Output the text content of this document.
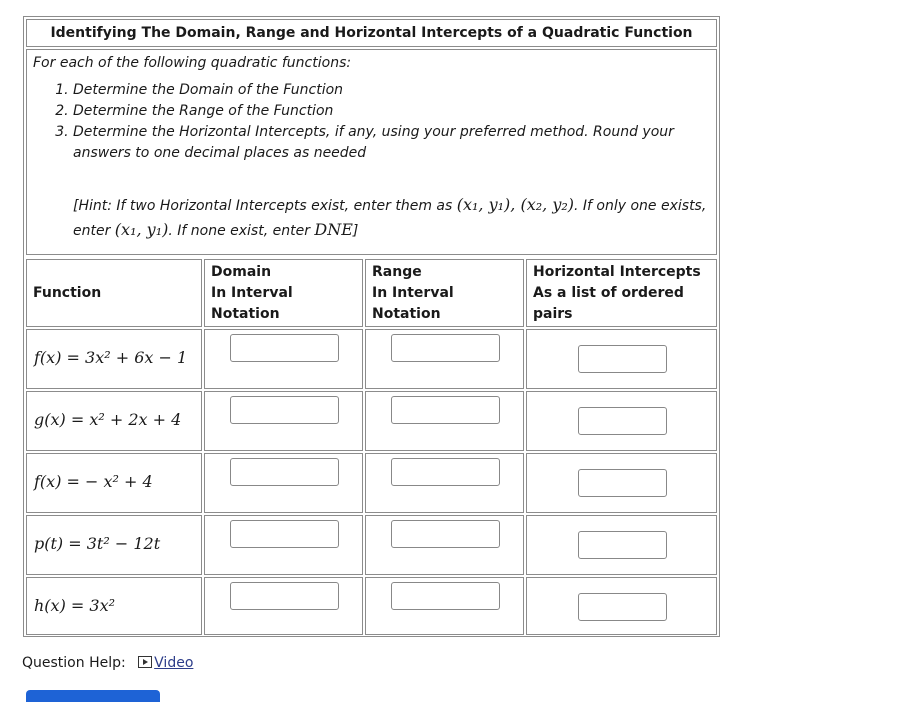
Identifying The Domain, Range and Horizontal Intercepts of a Quadratic Function
For each of the following quadratic functions:
1. Determine the Domain of the Function
2. Determine the Range of the Function
3. Determine the Horizontal Intercepts, if any, using your preferred method. Round your answers to one decimal places as needed
[Hint: If two Horizontal Intercepts exist, enter them as (x₁, y₁), (x₂, y₂). If only one exists, enter (x₁, y₁). If none exist, enter DNE]
Function
Domain
In Interval
Notation
Range
In Interval
Notation
Horizontal Intercepts
As a list of ordered
pairs
f(x) = 3x² + 6x − 1
g(x) = x² + 2x + 4
f(x) = − x² + 4
p(t) = 3t² − 12t
h(x) = 3x²
Question Help: Video
